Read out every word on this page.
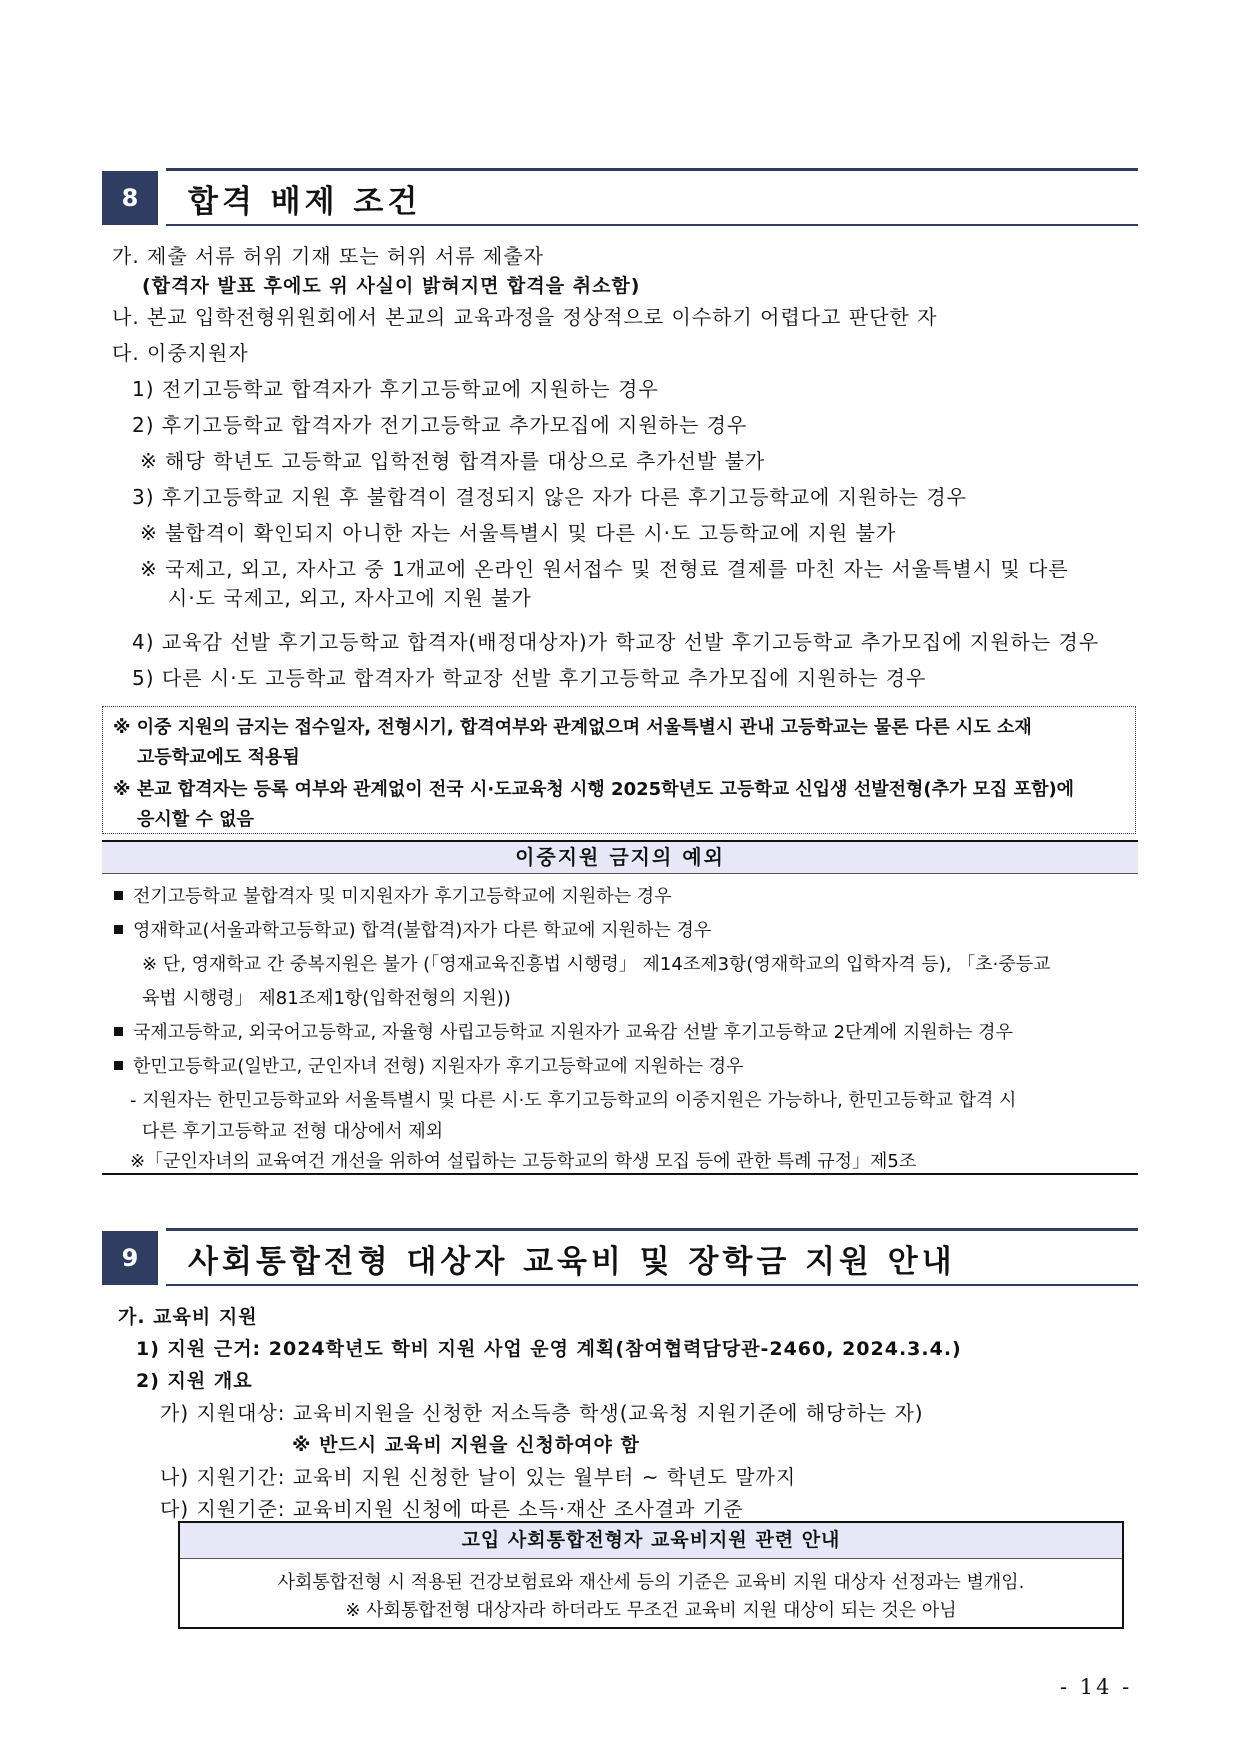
8	합격 배제 조건
가. 제출 서류 허위 기재 또는 허위 서류 제출자
(합격자 발표 후에도 위 사실이 밝혀지면 합격을 취소함)
나. 본교 입학전형위원회에서 본교의 교육과정을 정상적으로 이수하기 어렵다고 판단한 자
다. 이중지원자
1) 전기고등학교 합격자가 후기고등학교에 지원하는 경우
2) 후기고등학교 합격자가 전기고등학교 추가모집에 지원하는 경우
※ 해당 학년도 고등학교 입학전형 합격자를 대상으로 추가선발 불가
3) 후기고등학교 지원 후 불합격이 결정되지 않은 자가 다른 후기고등학교에 지원하는 경우
※ 불합격이 확인되지 아니한 자는 서울특별시 및 다른 시·도 고등학교에 지원 불가
※ 국제고, 외고, 자사고 중 1개교에 온라인 원서접수 및 전형료 결제를 마친 자는 서울특별시 및 다른
시·도 국제고, 외고, 자사고에 지원 불가
4) 교육감 선발 후기고등학교 합격자(배정대상자)가 학교장 선발 후기고등학교 추가모집에 지원하는 경우
5) 다른 시·도 고등학교 합격자가 학교장 선발 후기고등학교 추가모집에 지원하는 경우
※ 이중 지원의 금지는 접수일자, 전형시기, 합격여부와 관계없으며 서울특별시 관내 고등학교는 물론 다른 시도 소재
고등학교에도 적용됨
※ 본교 합격자는 등록 여부와 관계없이 전국 시·도교육청 시행 2025학년도 고등학교 신입생 선발전형(추가 모집 포함)에
응시할 수 없음
이중지원 금지의 예외
전기고등학교 불합격자 및 미지원자가 후기고등학교에 지원하는 경우
영재학교(서울과학고등학교) 합격(불합격)자가 다른 학교에 지원하는 경우
※ 단, 영재학교 간 중복지원은 불가 (「영재교육진흥법 시행령」 제14조제3항(영재학교의 입학자격 등), 「초·중등교
육법 시행령」 제81조제1항(입학전형의 지원))
국제고등학교, 외국어고등학교, 자율형 사립고등학교 지원자가 교육감 선발 후기고등학교 2단계에 지원하는 경우
한민고등학교(일반고, 군인자녀 전형) 지원자가 후기고등학교에 지원하는 경우
- 지원자는 한민고등학교와 서울특별시 및 다른 시·도 후기고등학교의 이중지원은 가능하나, 한민고등학교 합격 시
다른 후기고등학교 전형 대상에서 제외
※「군인자녀의 교육여건 개선을 위하여 설립하는 고등학교의 학생 모집 등에 관한 특례 규정」제5조
9	사회통합전형 대상자 교육비 및 장학금 지원 안내
가. 교육비 지원
1) 지원 근거: 2024학년도 학비 지원 사업 운영 계획(참여협력담당관-2460, 2024.3.4.)
2) 지원 개요
가) 지원대상: 교육비지원을 신청한 저소득층 학생(교육청 지원기준에 해당하는 자)
※ 반드시 교육비 지원을 신청하여야 함
나) 지원기간: 교육비 지원 신청한 날이 있는 월부터 ~ 학년도 말까지
다) 지원기준: 교육비지원 신청에 따른 소득·재산 조사결과 기준
고입 사회통합전형자 교육비지원 관련 안내
사회통합전형 시 적용된 건강보험료와 재산세 등의 기준은 교육비 지원 대상자 선정과는 별개임.
※ 사회통합전형 대상자라 하더라도 무조건 교육비 지원 대상이 되는 것은 아님
- 14 -
